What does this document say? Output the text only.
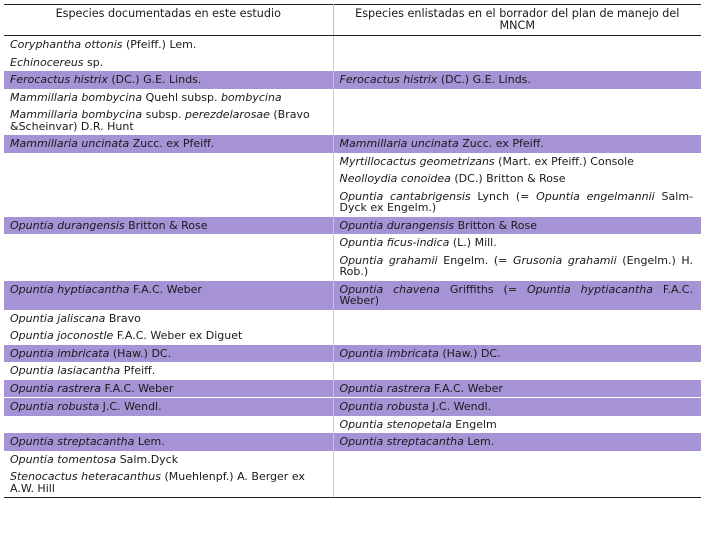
Especies documentadas en este estudio	Especies enlistadas en el borrador del plan de manejo del MNCM
Coryphantha ottonis (Pfeiff.) Lem.	
Echinocereus sp.	
Ferocactus histrix (DC.) G.E. Linds.	Ferocactus histrix (DC.) G.E. Linds.
Mammillaria bombycina Quehl subsp. bombycina	
Mammillaria bombycina subsp. perezdelarosae (Bravo &Scheinvar) D.R. Hunt	
Mammillaria uncinata Zucc. ex Pfeiff.	Mammillaria uncinata Zucc. ex Pfeiff.
	Myrtillocactus geometrizans (Mart. ex Pfeiff.) Console
	Neolloydia conoidea (DC.) Britton & Rose
	Opuntia cantabrigensis Lynch (= Opuntia engelmannii Salm-Dyck ex Engelm.)
Opuntia durangensis Britton & Rose	Opuntia durangensis Britton & Rose
	Opuntia ficus-indica (L.) Mill.
	Opuntia grahamii Engelm. (= Grusonia grahamii (Engelm.) H. Rob.)
Opuntia hyptiacantha F.A.C. Weber	Opuntia chavena Griffiths (= Opuntia hyptiacantha F.A.C. Weber)
Opuntia jaliscana Bravo	
Opuntia joconostle F.A.C. Weber ex Diguet	
Opuntia imbricata (Haw.) DC.	Opuntia imbricata (Haw.) DC.
Opuntia lasiacantha Pfeiff.	
Opuntia rastrera F.A.C. Weber	Opuntia rastrera F.A.C. Weber
Opuntia robusta J.C. Wendl.	Opuntia robusta J.C. Wendl.
	Opuntia stenopetala Engelm
Opuntia streptacantha Lem.	Opuntia streptacantha Lem.
Opuntia tomentosa Salm.Dyck	
Stenocactus heteracanthus (Muehlenpf.) A. Berger ex A.W. Hill	
